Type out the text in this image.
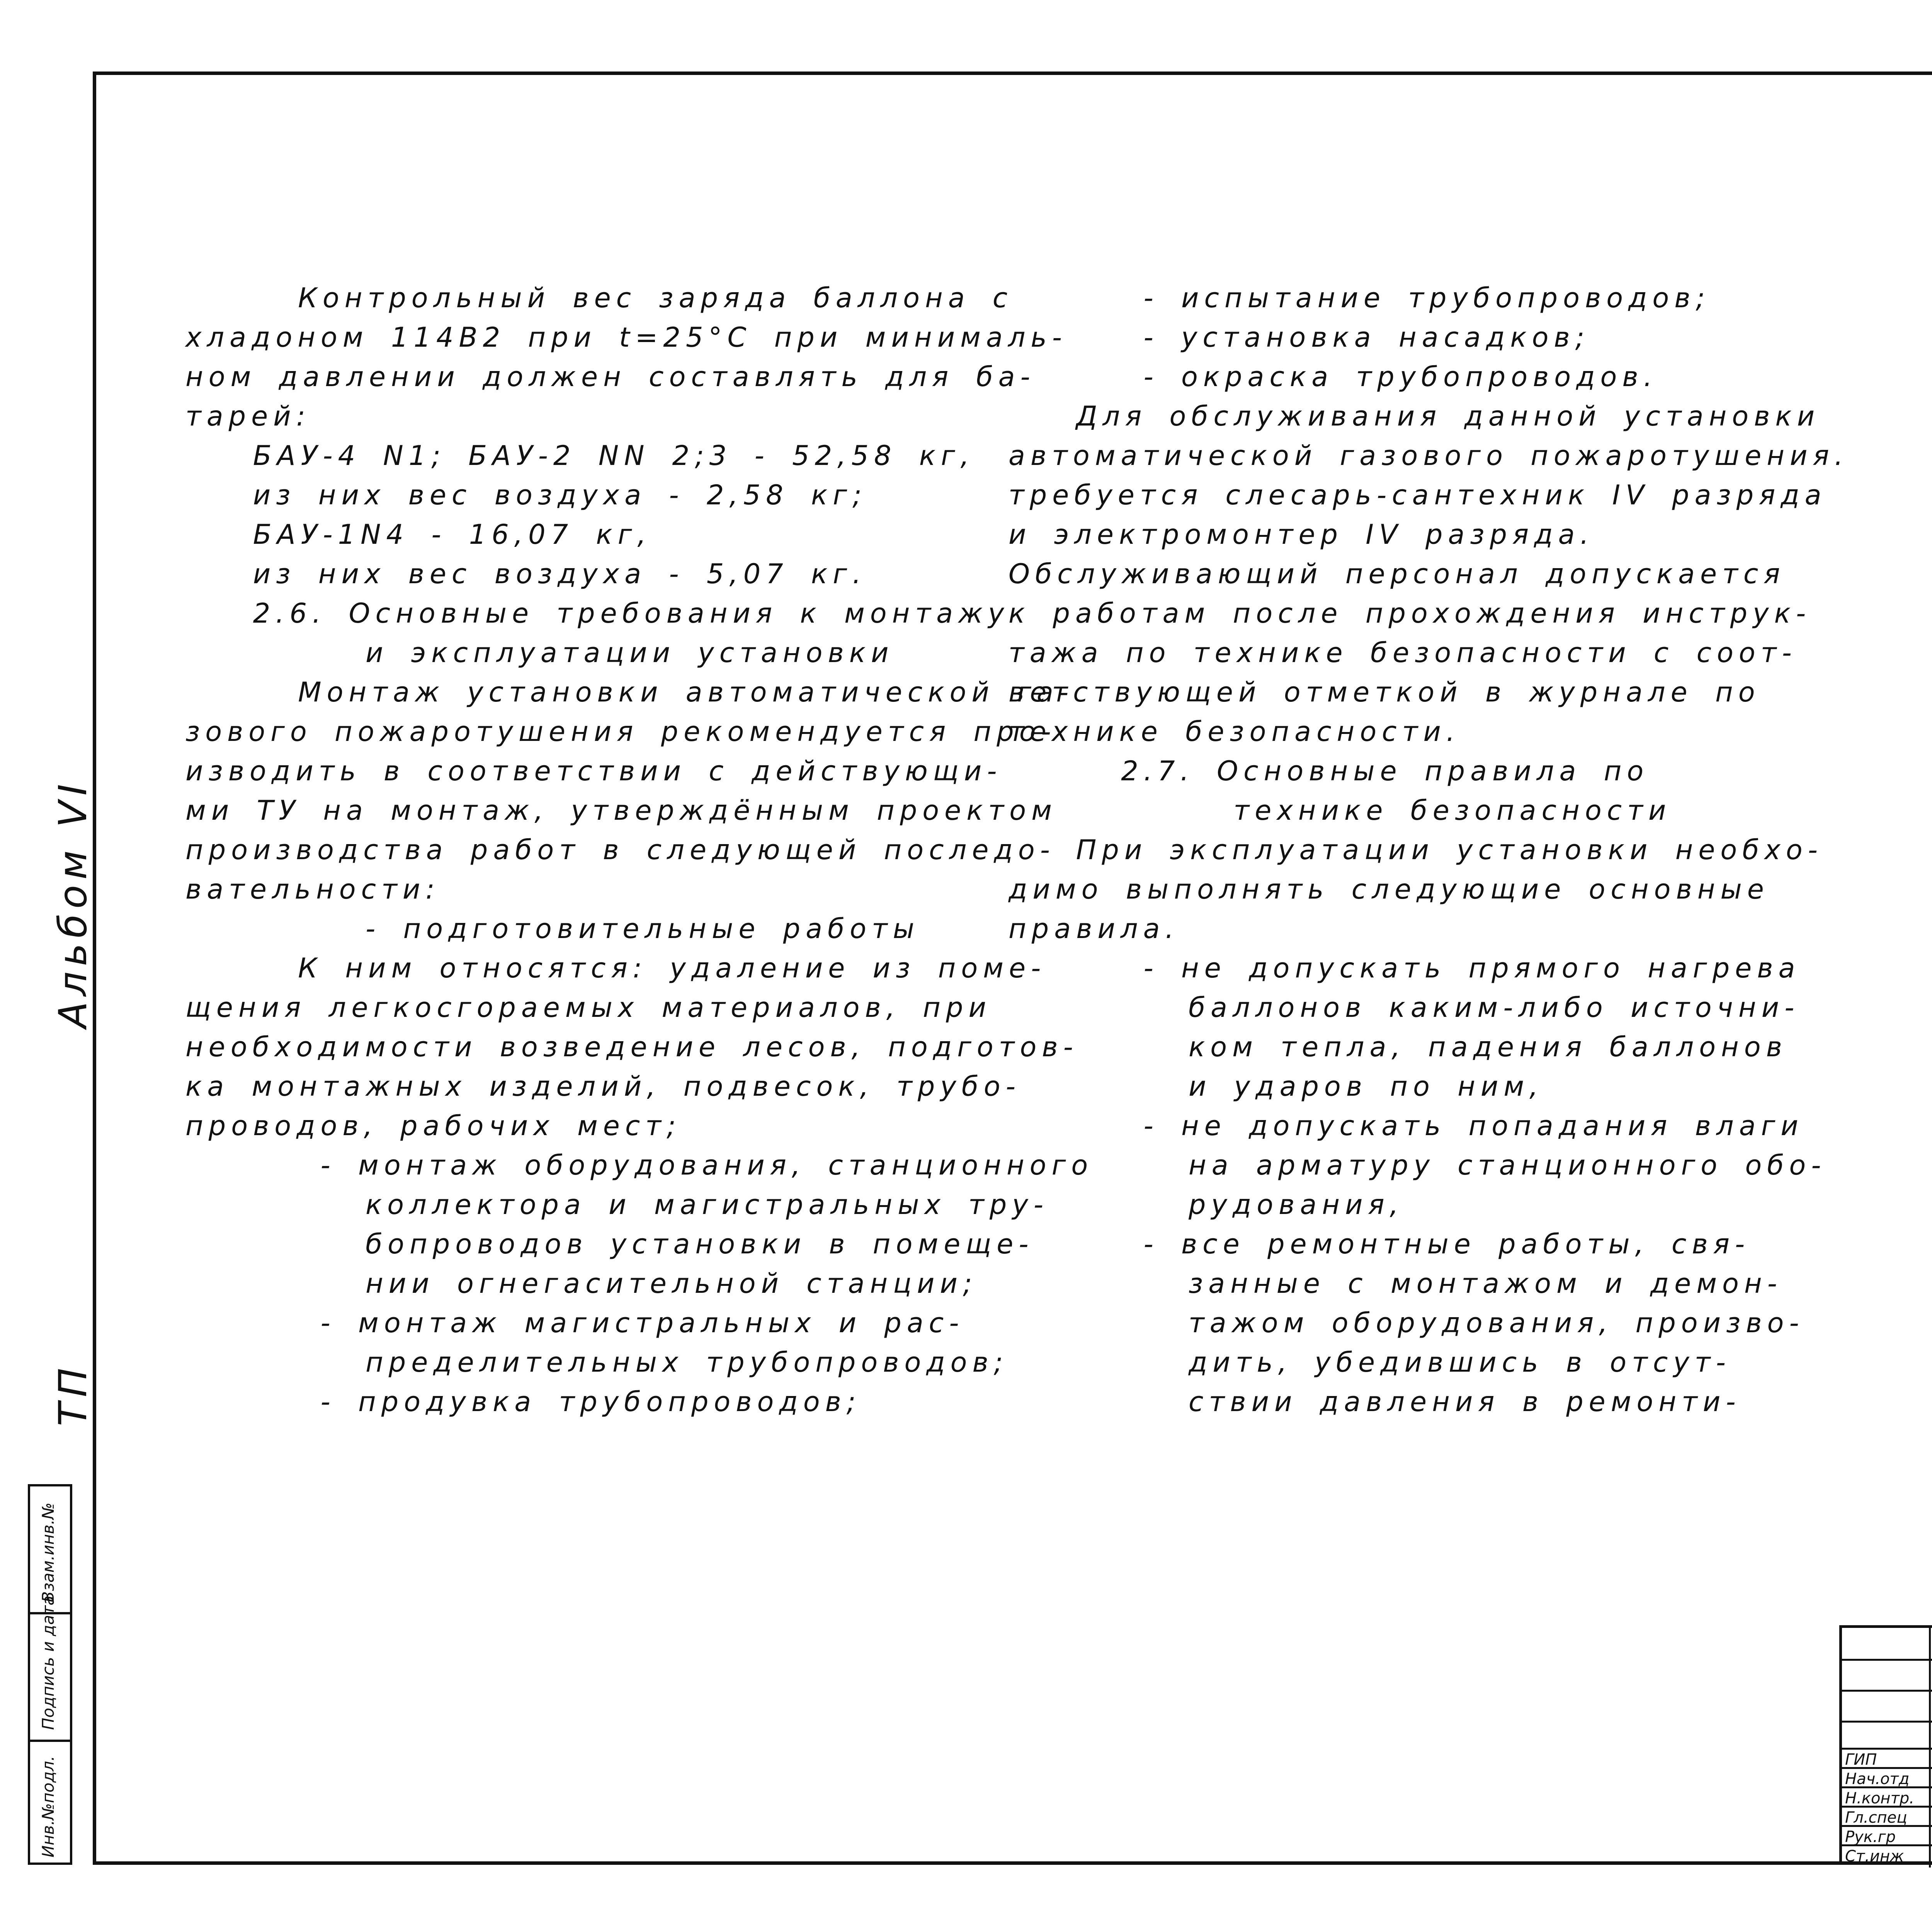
Альбом VI
ТП
Взам.инв.№
Подпись и дата
Инв.№подл.
Контрольный вес заряда баллона с
хладоном 114В2 при t=25°С при минималь-
ном давлении должен составлять для ба-
тарей:
БАУ-4 N1; БАУ-2 NN 2;3 - 52,58 кг,
из них вес воздуха - 2,58 кг;
БАУ-1N4 - 16,07 кг,
из них вес воздуха - 5,07 кг.
2.6. Основные требования к монтажу
и эксплуатации установки
Монтаж установки автоматической га-
зового пожаротушения рекомендуется про-
изводить в соответствии с действующи-
ми ТУ на монтаж, утверждённым проектом
производства работ в следующей последо-
вательности:
- подготовительные работы
К ним относятся: удаление из поме-
щения легкосгораемых материалов, при
необходимости возведение лесов, подготов-
ка монтажных изделий, подвесок, трубо-
проводов, рабочих мест;
- монтаж оборудования, станционного
коллектора и магистральных тру-
бопроводов установки в помеще-
нии огнегасительной станции;
- монтаж магистральных и рас-
пределительных трубопроводов;
- продувка трубопроводов;
- испытание трубопроводов;
- установка насадков;
- окраска трубопроводов.
Для обслуживания данной установки
автоматической газового пожаротушения.
требуется слесарь-сантехник IV разряда
и электромонтер IV разряда.
Обслуживающий персонал допускается
к работам после прохождения инструк-
тажа по технике безопасности с соот-
ветствующей отметкой в журнале по
технике безопасности.
2.7. Основные правила по
технике безопасности
При эксплуатации установки необхо-
димо выполнять следующие основные
правила.
- не допускать прямого нагрева
баллонов каким-либо источни-
ком тепла, падения баллонов
и ударов по ним,
- не допускать попадания влаги
на арматуру станционного обо-
рудования,
- все ремонтные работы, свя-
занные с монтажом и демон-
тажом оборудования, произво-
дить, убедившись в отсут-
ствии давления в ремонти-
ГИП
Нач.отд
Н.контр.
Гл.спец
Рук.гр
Ст.инж
